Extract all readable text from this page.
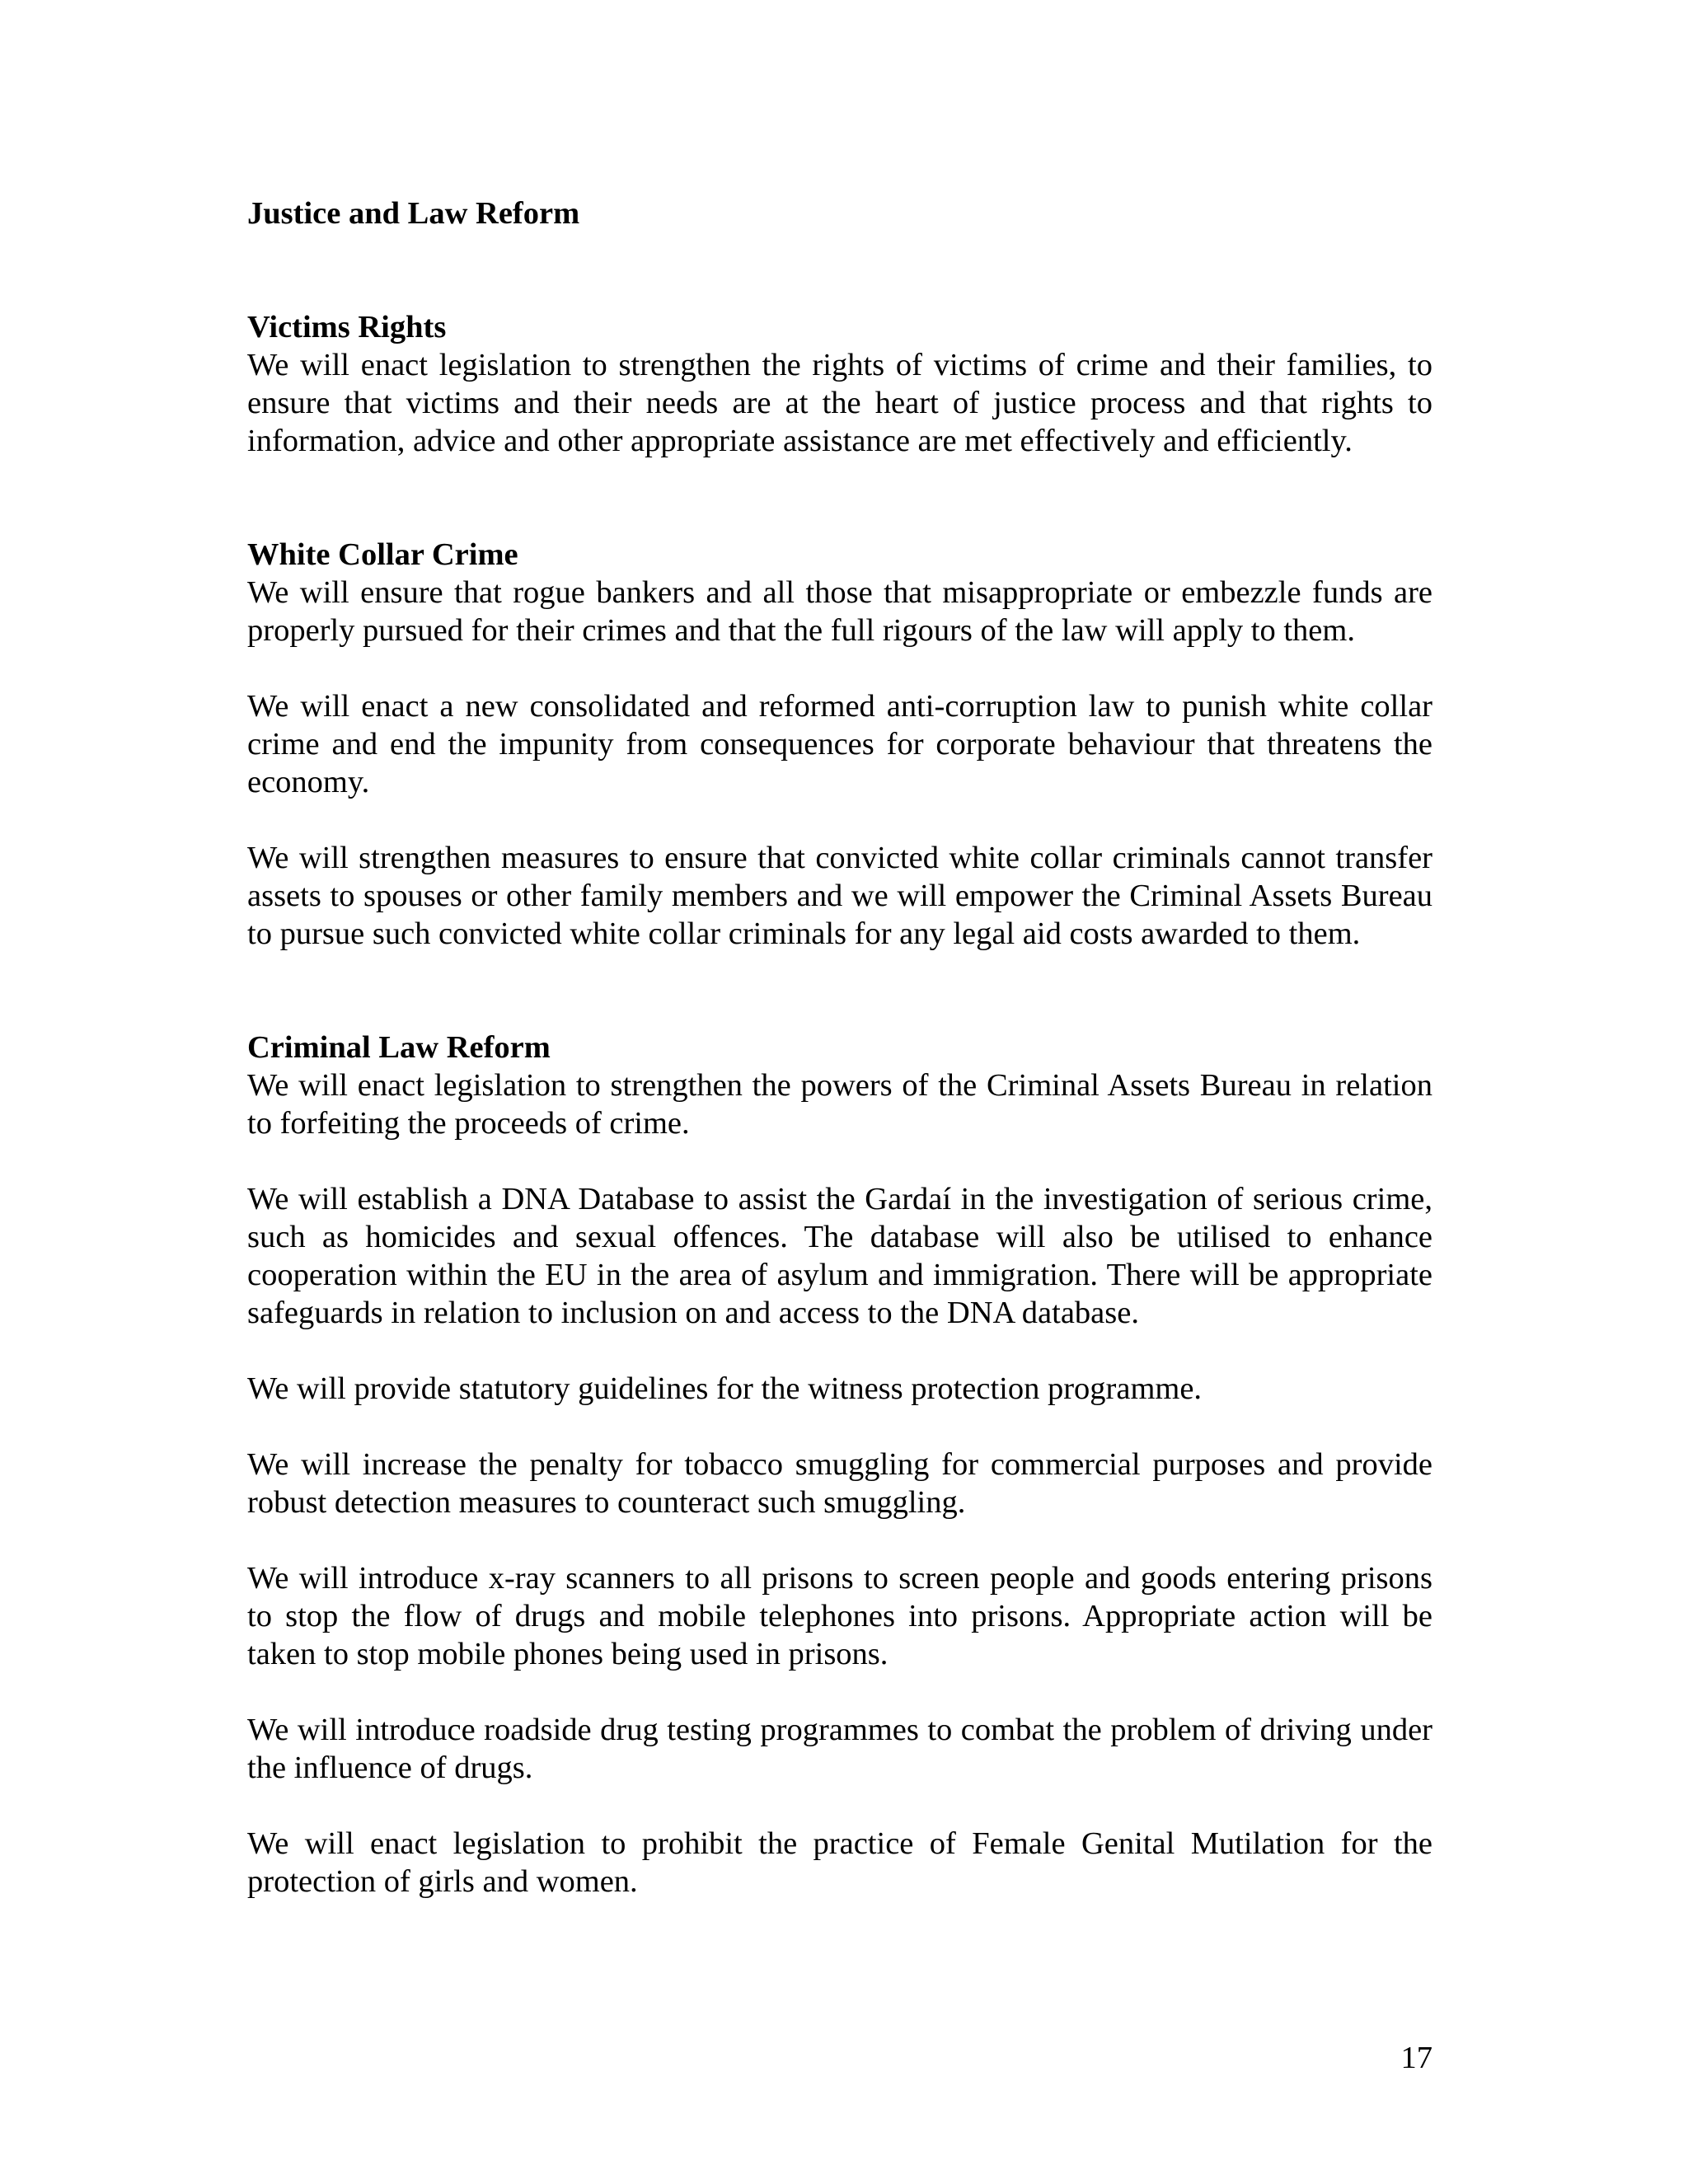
Justice and Law Reform
Victims Rights

We will enact legislation to strengthen the rights of victims of crime and their families, to ensure that victims and their needs are at the heart of justice process and that rights to information, advice and other appropriate assistance are met effectively and efficiently.

White Collar Crime

We will ensure that rogue bankers and all those that misappropriate or embezzle funds are properly pursued for their crimes and that the full rigours of the law will apply to them.

We will enact a new consolidated and reformed anti-corruption law to punish white collar crime and end the impunity from consequences for corporate behaviour that threatens the economy.

We will strengthen measures to ensure that convicted white collar criminals cannot transfer assets to spouses or other family members and we will empower the Criminal Assets Bureau to pursue such convicted white collar criminals for any legal aid costs awarded to them.

Criminal Law Reform

We will enact legislation to strengthen the powers of the Criminal Assets Bureau in relation to forfeiting the proceeds of crime.

We will establish a DNA Database to assist the Gardaí in the investigation of serious crime, such as homicides and sexual offences. The database will also be utilised to enhance cooperation within the EU in the area of asylum and immigration. There will be appropriate safeguards in relation to inclusion on and access to the DNA database.

We will provide statutory guidelines for the witness protection programme.

We will increase the penalty for tobacco smuggling for commercial purposes and provide robust detection measures to counteract such smuggling.

We will introduce x-ray scanners to all prisons to screen people and goods entering prisons to stop the flow of drugs and mobile telephones into prisons. Appropriate action will be taken to stop mobile phones being used in prisons.

We will introduce roadside drug testing programmes to combat the problem of driving under the influence of drugs.

We will enact legislation to prohibit the practice of Female Genital Mutilation for the protection of girls and women.

17
